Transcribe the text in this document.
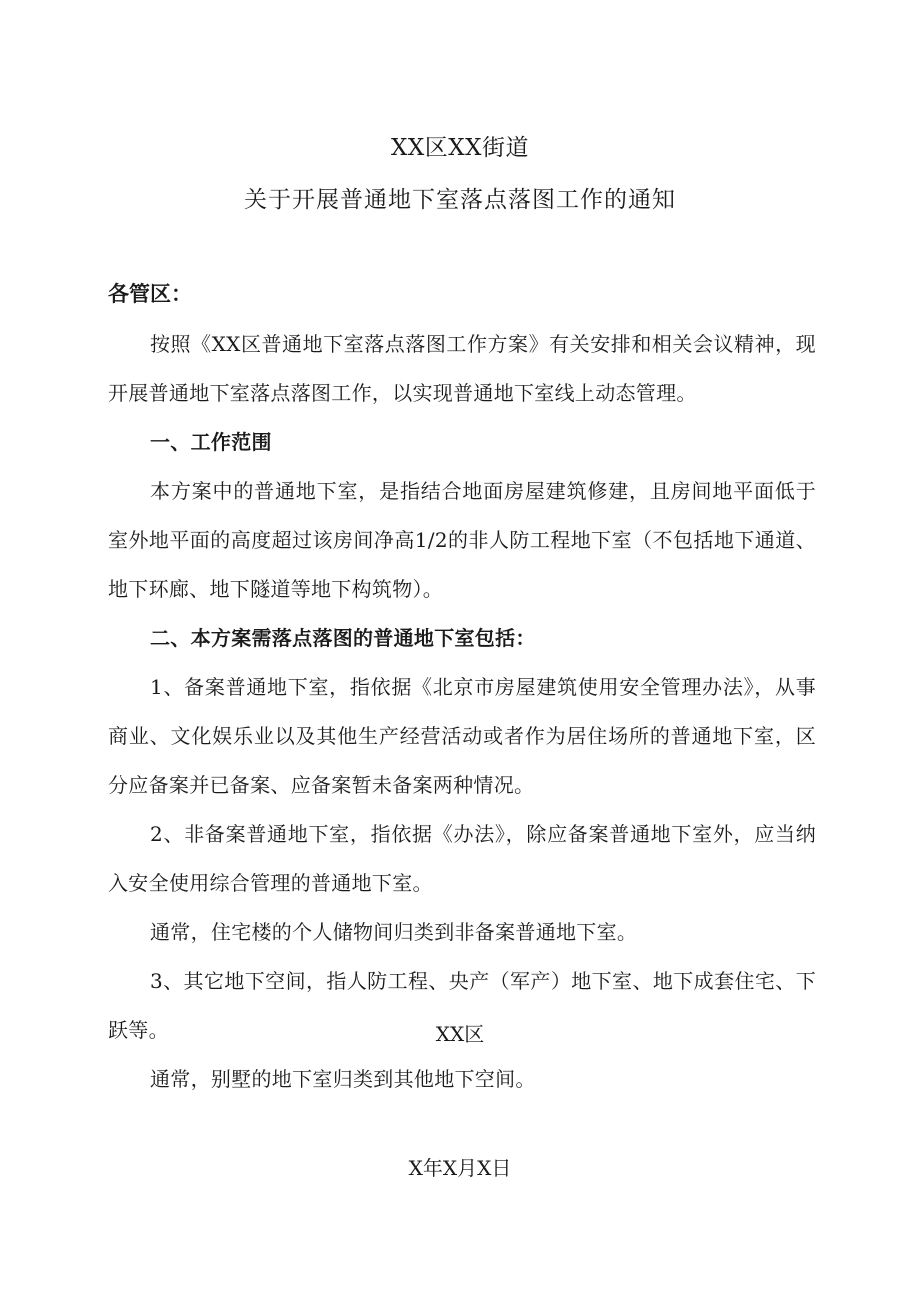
XX区XX街道
关于开展普通地下室落点落图工作的通知
各管区：

按照《XX区普通地下室落点落图工作方案》有关安排和相关会议精神，现开展普通地下室落点落图工作，以实现普通地下室线上动态管理。

一、工作范围

本方案中的普通地下室，是指结合地面房屋建筑修建，且房间地平面低于室外地平面的高度超过该房间净高1/2的非人防工程地下室（不包括地下通道、地下环廊、地下隧道等地下构筑物）。

二、本方案需落点落图的普通地下室包括：

1、备案普通地下室，指依据《北京市房屋建筑使用安全管理办法》，从事商业、文化娱乐业以及其他生产经营活动或者作为居住场所的普通地下室，区分应备案并已备案、应备案暂未备案两种情况。

2、非备案普通地下室，指依据《办法》，除应备案普通地下室外，应当纳入安全使用综合管理的普通地下室。

通常，住宅楼的个人储物间归类到非备案普通地下室。

3、其它地下空间，指人防工程、央产（军产）地下室、地下成套住宅、下跃等。

通常，别墅的地下室归类到其他地下空间。

XX区
X年X月X日
